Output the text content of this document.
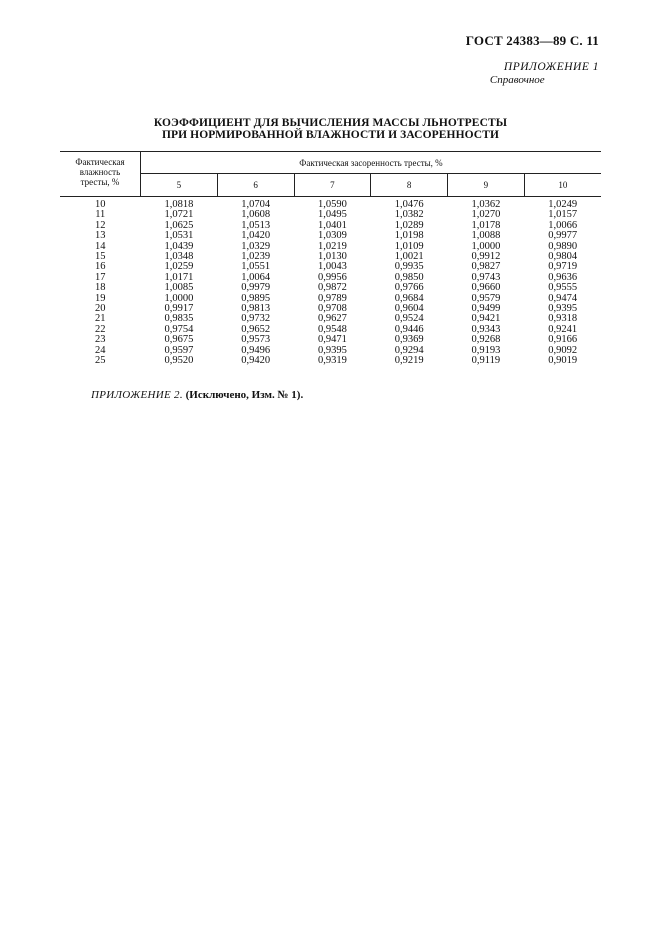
ГОСТ 24383—89 С. 11
ПРИЛОЖЕНИЕ 1
Справочное
КОЭФФИЦИЕНТ ДЛЯ ВЫЧИСЛЕНИЯ МАССЫ ЛЬНОТРЕСТЫ
ПРИ НОРМИРОВАННОЙ ВЛАЖНОСТИ И ЗАСОРЕННОСТИ
Фактическая
влажность
тресты, %	Фактическая засоренность тресты, %					
	5	6	7	8	9	10
10	1,0818	1,0704	1,0590	1,0476	1,0362	1,0249
11	1,0721	1,0608	1,0495	1,0382	1,0270	1,0157
12	1,0625	1,0513	1,0401	1,0289	1,0178	1,0066
13	1,0531	1,0420	1,0309	1,0198	1,0088	0,9977
14	1,0439	1,0329	1,0219	1,0109	1,0000	0,9890
15	1,0348	1,0239	1,0130	1,0021	0,9912	0,9804
16	1,0259	1,0551	1,0043	0,9935	0,9827	0,9719
17	1,0171	1,0064	0,9956	0,9850	0,9743	0,9636
18	1,0085	0,9979	0,9872	0,9766	0,9660	0,9555
19	1,0000	0,9895	0,9789	0,9684	0,9579	0,9474
20	0,9917	0,9813	0,9708	0,9604	0,9499	0,9395
21	0,9835	0,9732	0,9627	0,9524	0,9421	0,9318
22	0,9754	0,9652	0,9548	0,9446	0,9343	0,9241
23	0,9675	0,9573	0,9471	0,9369	0,9268	0,9166
24	0,9597	0,9496	0,9395	0,9294	0,9193	0,9092
25	0,9520	0,9420	0,9319	0,9219	0,9119	0,9019
ПРИЛОЖЕНИЕ 2. (Исключено, Изм. № 1).
